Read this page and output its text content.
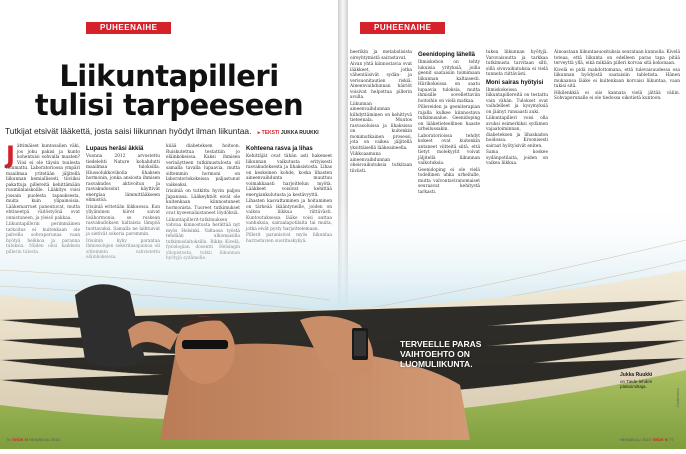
PUHEENAIHE
Liikuntapilleri
tulisi tarpeeseen
Tutkijat etsivät lääkettä, josta saisi liikunnan hyödyt ilman liikuntaa. ▸ TEKSTI JUKKA RUUKKI

Jättimäiset kuntosalien väki, jos joku pakisi ja kunto kohentuisi sohvalla maaten? Viisi ei ole täysin tuulesta temmattu. Laboratoriossa ympäri maailmaa yritetään jäljitellä liikunnan kemiallisesti, tiiviiksi pakattuja pillereitä kehittämään ruumiinlaiskoille. Lääkitys voisi jossain puolesta tapauksesta,

Lupaus heräsi äkkiä

Vuonna 2012 arvostettu tiedelehti Nature kohahdutti maailmaa tuloksilla. Hiussolukkovikoila lihaksen hormonin, jonka ansiosta ihmisen rasvakudos aktivoituu ja rasvakudosolut käyttivät energiaa lämmittääkseen

kiiää diabeteksen hoitoon. Ruiskutettua testattiin jo eläinkokeissa. Kaksi ihmisen verinäytteen tutkimustulosta oli samalla tavalla lupaavia, mutta sittemmin hormoni on laboratoriokokeissa paljastunut vaikeaksi.

Irisiiniä on tutkittu hyvin paljon Japanissa. Lääkeyhtiöt eivät ole

Kohteena rasva ja lihas

Kehittäjät ovat tähän asti hakeneet liikunnan vaikutusta erityisesti rasvakudoksesta ja lihaksistosta. Lihas on keskeinen kohde, koska lihasten aineenvaihdunta muuttuu voimakkaasti harjoittelun myötä. Lääkkeet voisivat kehittää energiankulutusta ja kestävyyttä.

PUHEENAIHE

heerikin ja metabolisista oireyhtymistä sairastavat.

Aivan yhtä kiinnostavia ovat lääkkeet, jotka vähentäisivät sydän- ja verisuonitautien riskiä. Aineenvaihdunnan häiriöt voisivat helpottua pillerin avulla.

Liikunnan aineenvaihdunnan kiihdyttäminen on kehittyvä tieteenala. Muutos rasvasoluissa ja lihaksissa on kuitenkin monimutkainen prosessi, jota on vaikea jäljitellä yksittäisellä lääkeaineella.

Viikkoaamuna aineenvaihdunnan oheisvaikutuksia tutkitaan tiiviisti.

Geenidoping lähellä

Ihmiskehon on tehty lukuisia yrityksiä, joilla geenit saataisiin toimimaan liikunnan kaltaisesti. Hiirikokeissa on saatu lupaavia tuloksia, mutta ihmisille sovellettaviin hoitoihin on vielä matkaa.

Pillereiden ja geeniterapian rajalla kulkee kiinnostava tutkimusalue. Geenidoping on lääketieteellinen haaste urheilussakin.

Laboratorioissa tehdyt kokeet ovat kuitenkin antaneet viitteitä siitä, että tietyt molekyylit voivat jäljitellä liikunnan vaikutuksia.

Geenidoping ei ole vielä todellinen uhka urheilulle, mutta valvontaviranomaiset seuraavat kehitystä tarkasti.

tukea liikunnan hyötyjä. Varovaisuutta ja tarkkaa tutkimusta tarvitaan silti, sillä sivuvaikutuksia ei vielä tunneta riittävästi.

Moni sairas hyötyisi

Ihmiskokeissa liikuntapillereitä on testattu vain vähän. Tulokset ovat vaihdelleet ja kysymyksiä on jäänyt runsaasti auki.

Liikuntapilleri voisi olla avuksi esimerkiksi sydämen vajaatoiminnan, diabeteksen ja lihaskadon hoidossa. Kroonisesti sairaat hyötyisivät eniten.

Sama koskee sydänpotilaita, joiden on vaikea liikkua.

Ainoastaan liikuntasuosituksia seurataan kunnolla. Kivelä toteaa, että liikunta on edelleen paras tapa pitää terveyttä yllä, eikä mikään pilleri korvaa sitä kokonaan.

Kivelä ei pidä mahdottomana, että tulevaisuudessa osa liikunnan hyödyistä saataisiin tabletista. Hänen mukaansa lääke ei kuitenkaan korvaisi liikuntaa, vaan tukisi sitä.

Hikilenkkiä ei siis kannata vielä jättää väliin. Sohvaperunalle ei ole tiedossa oikotietä kuntoon.

TERVEELLE PARAS VAIHTOEHTO ON LUOMULIIKUNTA.
Jukka Ruukki
on Tiede-lehden päätoimittaja.
Shutterstock
76 TIEDE 9/ HEINÄKUU 2015	HEINÄKUU 2015 TIEDE 9/ 77
